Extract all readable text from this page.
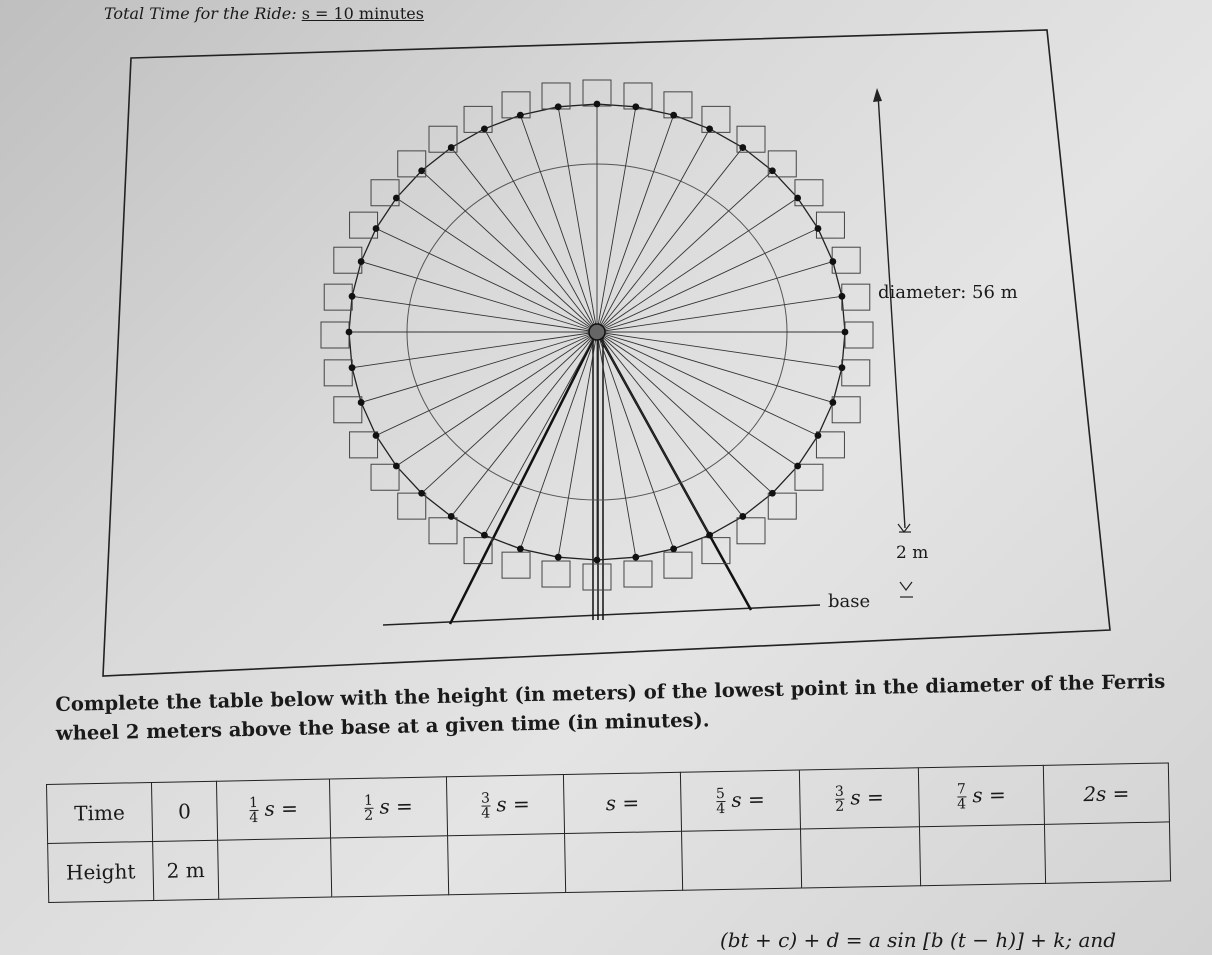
Total Time for the Ride: s = 10 minutes
diameter: 56 m
2 m
base
Complete the table below with the height (in meters) of the lowest point in the diameter of the Ferris wheel 2 meters above the base at a given time (in minutes).
Time	0	$\frac{1}{4}$ s =	$\frac{1}{2}$ s =	$\frac{3}{4}$ s =	s =	$\frac{5}{4}$ s =	$\frac{3}{2}$ s =	$\frac{7}{4}$ s =	2s =
Height	2 m								
(bt + c) + d = a sin [b (t − h)] + k; and
